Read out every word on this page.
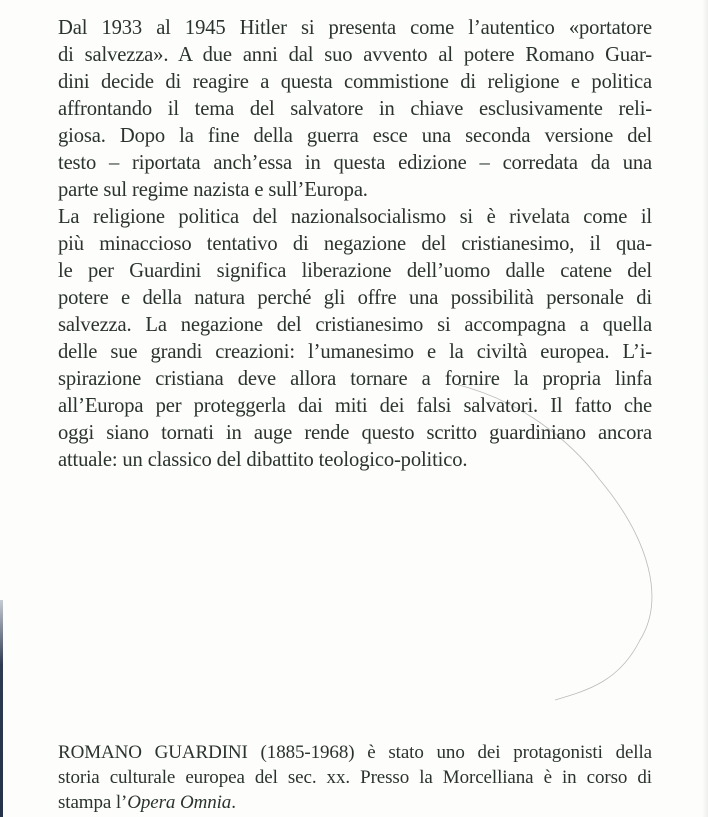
Dal 1933 al 1945 Hitler si presenta come l’autentico «portatore
di salvezza». A due anni dal suo avvento al potere Romano Guar-
dini decide di reagire a questa commistione di religione e politica
affrontando il tema del salvatore in chiave esclusivamente reli-
giosa. Dopo la fine della guerra esce una seconda versione del
testo – riportata anch’essa in questa edizione – corredata da una
parte sul regime nazista e sull’Europa.

La religione politica del nazionalsocialismo si è rivelata come il
più minaccioso tentativo di negazione del cristianesimo, il qua-
le per Guardini significa liberazione dell’uomo dalle catene del
potere e della natura perché gli offre una possibilità personale di
salvezza. La negazione del cristianesimo si accompagna a quella
delle sue grandi creazioni: l’umanesimo e la civiltà europea. L’i-
spirazione cristiana deve allora tornare a fornire la propria linfa
all’Europa per proteggerla dai miti dei falsi salvatori. Il fatto che
oggi siano tornati in auge rende questo scritto guardiniano ancora
attuale: un classico del dibattito teologico-politico.

ROMANO GUARDINI (1885-1968) è stato uno dei protagonisti della
storia culturale europea del sec. xx. Presso la Morcelliana è in corso di
stampa l’Opera Omnia.
